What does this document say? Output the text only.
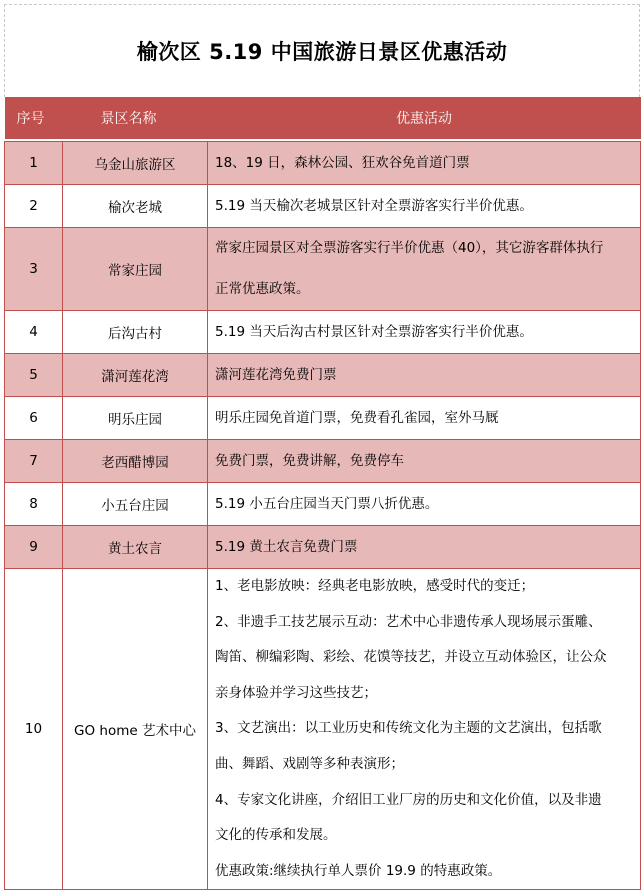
榆次区 5.19 中国旅游日景区优惠活动
序号	景区名称	优惠活动

1	乌金山旅游区	18、19 日，森林公园、狂欢谷免首道门票

2	榆次老城	5.19 当天榆次老城景区针对全票游客实行半价优惠。

3	常家庄园	常家庄园景区对全票游客实行半价优惠（40），其它游客群体执行
正常优惠政策。

4	后沟古村	5.19 当天后沟古村景区针对全票游客实行半价优惠。

5	潇河莲花湾	潇河莲花湾免费门票

6	明乐庄园	明乐庄园免首道门票，免费看孔雀园，室外马厩

7	老西醋博园	免费门票，免费讲解，免费停车

8	小五台庄园	5.19 小五台庄园当天门票八折优惠。

9	黄土农言	5.19 黄土农言免费门票

10	GO home 艺术中心	
1、老电影放映：经典老电影放映，感受时代的变迁；
2、非遗手工技艺展示互动：艺术中心非遗传承人现场展示蛋雕、
陶笛、柳编彩陶、彩绘、花馍等技艺，并设立互动体验区，让公众
亲身体验并学习这些技艺；
3、文艺演出：以工业历史和传统文化为主题的文艺演出，包括歌
曲、舞蹈、戏剧等多种表演形；
4、专家文化讲座，介绍旧工业厂房的历史和文化价值，以及非遗
文化的传承和发展。
优惠政策:继续执行单人票价 19.9 的特惠政策。
